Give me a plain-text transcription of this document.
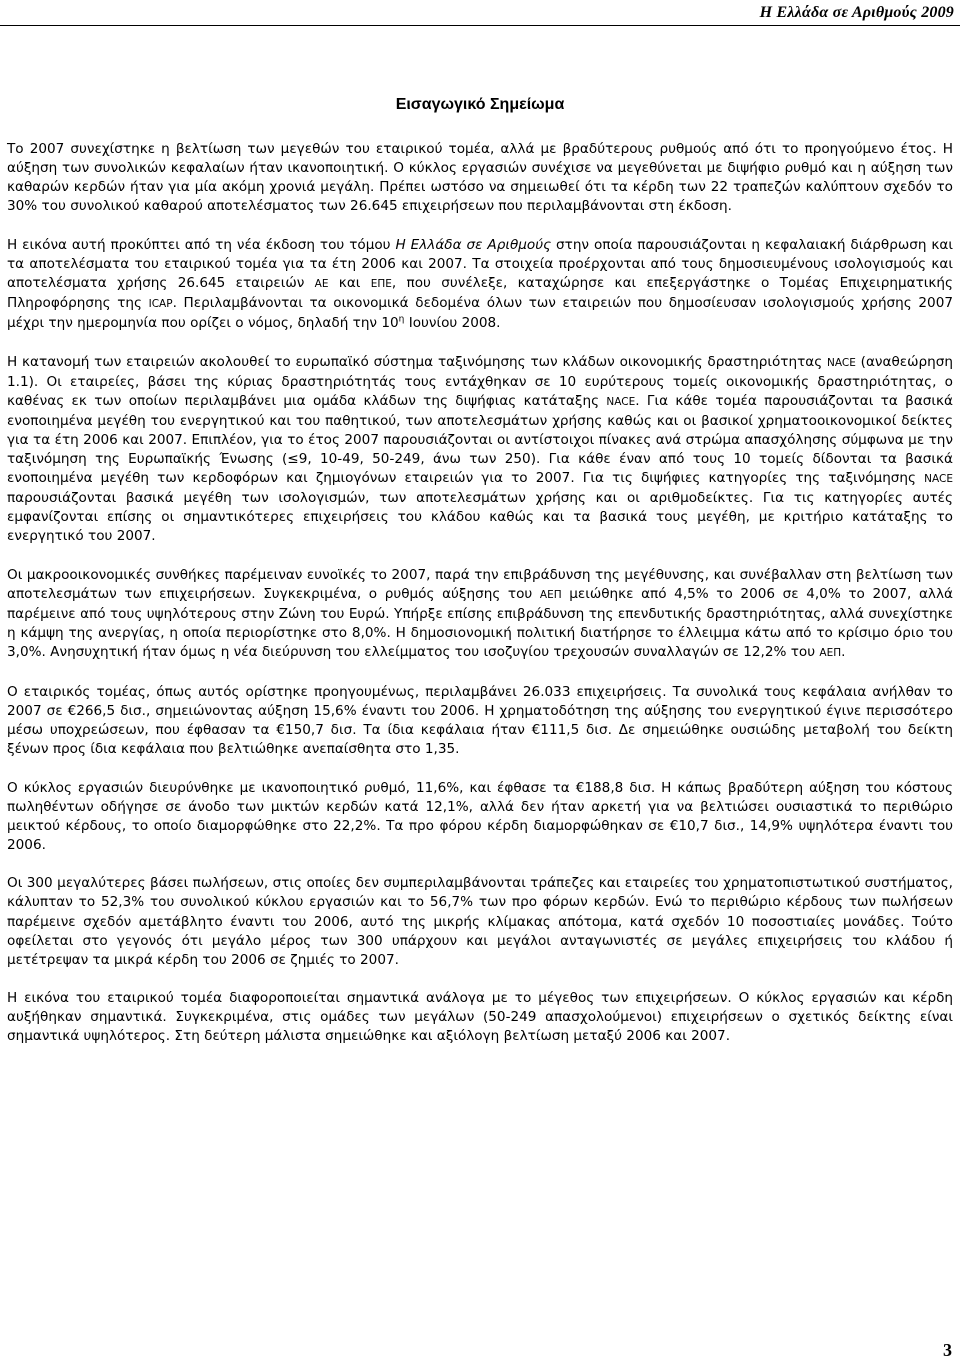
Η Ελλάδα σε Αριθμούς 2009
Εισαγωγικό Σημείωμα

Το 2007 συνεχίστηκε η βελτίωση των μεγεθών του εταιρικού τομέα, αλλά με βραδύτερους ρυθμούς από ότι το προηγούμενο έτος. Η αύξηση των συνολικών κεφαλαίων ήταν ικανοποιητική. Ο κύκλος εργασιών συνέχισε να μεγεθύνεται με διψήφιο ρυθμό και η αύξηση των καθαρών κερδών ήταν για μία ακόμη χρονιά μεγάλη. Πρέπει ωστόσο να σημειωθεί ότι τα κέρδη των 22 τραπεζών καλύπτουν σχεδόν το 30% του συνολικού καθαρού αποτελέσματος των 26.645 επιχειρήσεων που περιλαμβάνονται στη έκδοση.

Η εικόνα αυτή προκύπτει από τη νέα έκδοση του τόμου Η Ελλάδα σε Αριθμούς στην οποία παρουσιάζονται η κεφαλαιακή διάρθρωση και τα αποτελέσματα του εταιρικού τομέα για τα έτη 2006 και 2007. Τα στοιχεία προέρχονται από τους δημοσιευμένους ισολογισμούς και αποτελέσματα χρήσης 26.645 εταιρειών ΑΕ και ΕΠΕ, που συνέλεξε, καταχώρησε και επεξεργάστηκε ο Τομέας Επιχειρηματικής Πληροφόρησης της ICAP. Περιλαμβάνονται τα οικονομικά δεδομένα όλων των εταιρειών που δημοσίευσαν ισολογισμούς χρήσης 2007 μέχρι την ημερομηνία που ορίζει ο νόμος, δηλαδή την $10^\eta$ Ιουνίου 2008.

Η κατανομή των εταιρειών ακολουθεί το ευρωπαϊκό σύστημα ταξινόμησης των κλάδων οικονομικής δραστηριότητας NACE (αναθεώρηση 1.1). Οι εταιρείες, βάσει της κύριας δραστηριότητάς τους εντάχθηκαν σε 10 ευρύτερους τομείς οικονομικής δραστηριότητας, ο καθένας εκ των οποίων περιλαμβάνει μια ομάδα κλάδων της διψήφιας κατάταξης NACE. Για κάθε τομέα παρουσιάζονται τα βασικά ενοποιημένα μεγέθη του ενεργητικού και του παθητικού, των αποτελεσμάτων χρήσης καθώς και οι βασικοί χρηματοοικονομικοί δείκτες για τα έτη 2006 και 2007. Επιπλέον, για το έτος 2007 παρουσιάζονται οι αντίστοιχοι πίνακες ανά στρώμα απασχόλησης σύμφωνα με την ταξινόμηση της Ευρωπαϊκής Ένωσης (≤9, 10-49, 50-249, άνω των 250). Για κάθε έναν από τους 10 τομείς δίδονται τα βασικά ενοποιημένα μεγέθη των κερδοφόρων και ζημιογόνων εταιρειών για το 2007. Για τις διψήφιες κατηγορίες της ταξινόμησης NACE παρουσιάζονται βασικά μεγέθη των ισολογισμών, των αποτελεσμάτων χρήσης και οι αριθμοδείκτες. Για τις κατηγορίες αυτές εμφανίζονται επίσης οι σημαντικότερες επιχειρήσεις του κλάδου καθώς και τα βασικά τους μεγέθη, με κριτήριο κατάταξης το ενεργητικό του 2007.

Οι μακροοικονομικές συνθήκες παρέμειναν ευνοϊκές το 2007, παρά την επιβράδυνση της μεγέθυνσης, και συνέβαλλαν στη βελτίωση των αποτελεσμάτων των επιχειρήσεων. Συγκεκριμένα, ο ρυθμός αύξησης του ΑΕΠ μειώθηκε από 4,5% το 2006 σε 4,0% το 2007, αλλά παρέμεινε από τους υψηλότερους στην Ζώνη του Ευρώ. Υπήρξε επίσης επιβράδυνση της επενδυτικής δραστηριότητας, αλλά συνεχίστηκε η κάμψη της ανεργίας, η οποία περιορίστηκε στο 8,0%. Η δημοσιονομική πολιτική διατήρησε το έλλειμμα κάτω από το κρίσιμο όριο του 3,0%. Ανησυχητική ήταν όμως η νέα διεύρυνση του ελλείμματος του ισοζυγίου τρεχουσών συναλλαγών σε 12,2% του ΑΕΠ.

Ο εταιρικός τομέας, όπως αυτός ορίστηκε προηγουμένως, περιλαμβάνει 26.033 επιχειρήσεις. Τα συνολικά τους κεφάλαια ανήλθαν το 2007 σε €266,5 δισ., σημειώνοντας αύξηση 15,6% έναντι του 2006. Η χρηματοδότηση της αύξησης του ενεργητικού έγινε περισσότερο μέσω υποχρεώσεων, που έφθασαν τα €150,7 δισ. Τα ίδια κεφάλαια ήταν €111,5 δισ. Δε σημειώθηκε ουσιώδης μεταβολή του δείκτη ξένων προς ίδια κεφάλαια που βελτιώθηκε ανεπαίσθητα στο 1,35.

Ο κύκλος εργασιών διευρύνθηκε με ικανοποιητικό ρυθμό, 11,6%, και έφθασε τα €188,8 δισ. Η κάπως βραδύτερη αύξηση του κόστους πωληθέντων οδήγησε σε άνοδο των μικτών κερδών κατά 12,1%, αλλά δεν ήταν αρκετή για να βελτιώσει ουσιαστικά το περιθώριο μεικτού κέρδους, το οποίο διαμορφώθηκε στο 22,2%. Τα προ φόρου κέρδη διαμορφώθηκαν σε €10,7 δισ., 14,9% υψηλότερα έναντι του 2006.

Οι 300 μεγαλύτερες βάσει πωλήσεων, στις οποίες δεν συμπεριλαμβάνονται τράπεζες και εταιρείες του χρηματοπιστωτικού συστήματος, κάλυπταν το 52,3% του συνολικού κύκλου εργασιών και το 56,7% των προ φόρων κερδών. Ενώ το περιθώριο κέρδους των πωλήσεων παρέμεινε σχεδόν αμετάβλητο έναντι του 2006, αυτό της μικρής κλίμακας απότομα, κατά σχεδόν 10 ποσοστιαίες μονάδες. Τούτο οφείλεται στο γεγονός ότι μεγάλο μέρος των 300 υπάρχουν και μεγάλοι ανταγωνιστές σε μεγάλες επιχειρήσεις του κλάδου ή μετέτρεψαν τα μικρά κέρδη του 2006 σε ζημιές το 2007.

Η εικόνα του εταιρικού τομέα διαφοροποιείται σημαντικά ανάλογα με το μέγεθος των επιχειρήσεων. Ο κύκλος εργασιών και κέρδη αυξήθηκαν σημαντικά. Συγκεκριμένα, στις ομάδες των μεγάλων (50-249 απασχολούμενοι) επιχειρήσεων ο σχετικός δείκτης είναι σημαντικά υψηλότερος. Στη δεύτερη μάλιστα σημειώθηκε και αξιόλογη βελτίωση μεταξύ 2006 και 2007.

3
